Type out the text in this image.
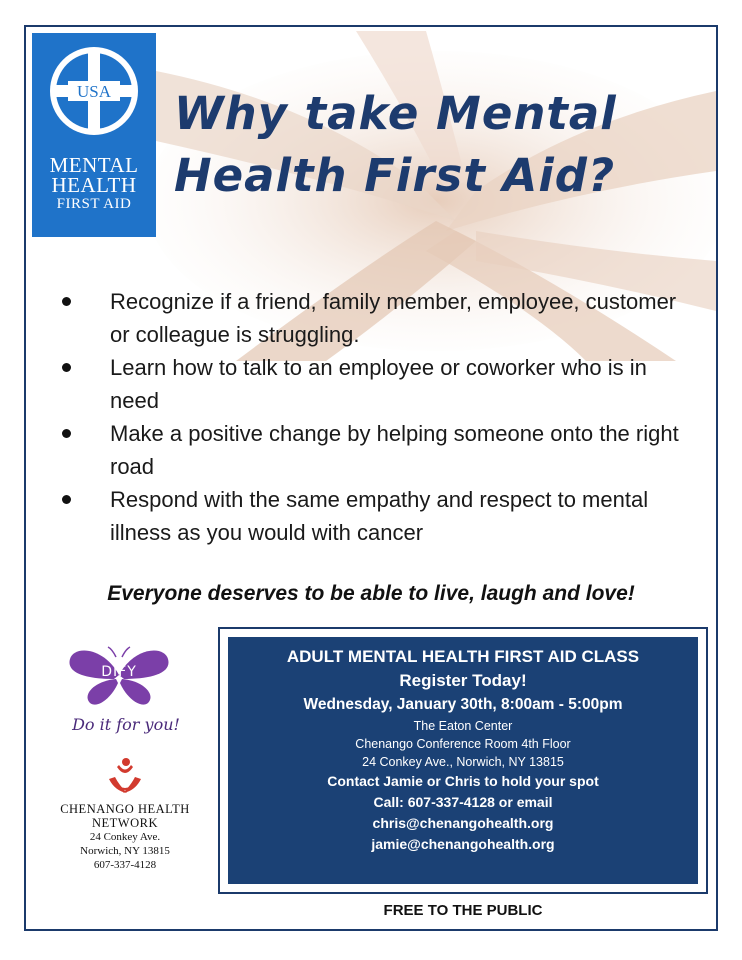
USA
MENTAL
HEALTH
FIRST AID
Why take Mental
Health First Aid?
Recognize if a friend, family member, employee, customer or colleague is struggling.
Learn how to talk to an employee or coworker who is in need
Make a positive change by helping someone onto the right road
Respond with the same empathy and respect to mental illness as you would with cancer
Everyone deserves to be able to live, laugh and love!
DIFY
Do it for you!
CHENANGO HEALTH
NETWORK
24 Conkey Ave.
Norwich, NY 13815
607-337-4128
ADULT MENTAL HEALTH FIRST AID CLASS
Register Today!
Wednesday, January 30th, 8:00am - 5:00pm
The Eaton Center
Chenango Conference Room 4th Floor
24 Conkey Ave., Norwich, NY 13815
Contact Jamie or Chris to hold your spot
Call: 607-337-4128 or email
chris@chenangohealth.org
jamie@chenangohealth.org
FREE TO THE PUBLIC
